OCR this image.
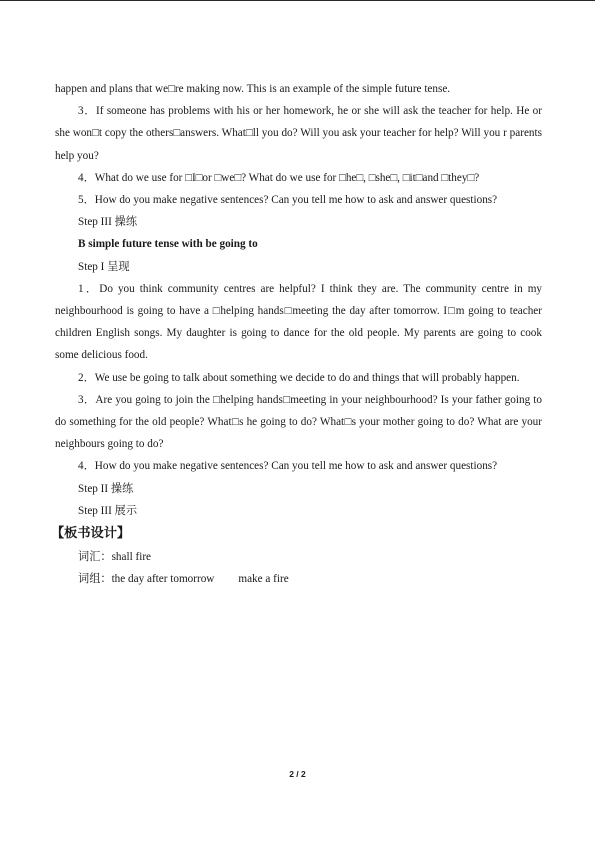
happen and plans that we□re making now. This is an example of the simple future tense.

3．If someone has problems with his or her homework, he or she will ask the teacher for help. He or she won□t copy the others□answers. What□ll you do? Will you ask your teacher for help? Will you r parents help you?

4．What do we use for □I□or □we□? What do we use for □he□, □she□, □it□and □they□?

5．How do you make negative sentences? Can you tell me how to ask and answer questions?

Step III 操练

B simple future tense with be going to

Step I 呈现

1．Do you think community centres are helpful? I think they are. The community centre in my neighbourhood is going to have a □helping hands□meeting the day after tomorrow. I□m going to teacher children English songs. My daughter is going to dance for the old people. My parents are going to cook some delicious food.

2．We use be going to talk about something we decide to do and things that will probably happen.

3．Are you going to join the □helping hands□meeting in your neighbourhood? Is your father going to do something for the old people? What□s he going to do? What□s your mother going to do? What are your neighbours going to do?

4．How do you make negative sentences? Can you tell me how to ask and answer questions?

Step II 操练

Step III 展示

【板书设计】

词汇：shall fire

词组：the day after tomorrow make a fire

2 / 2
